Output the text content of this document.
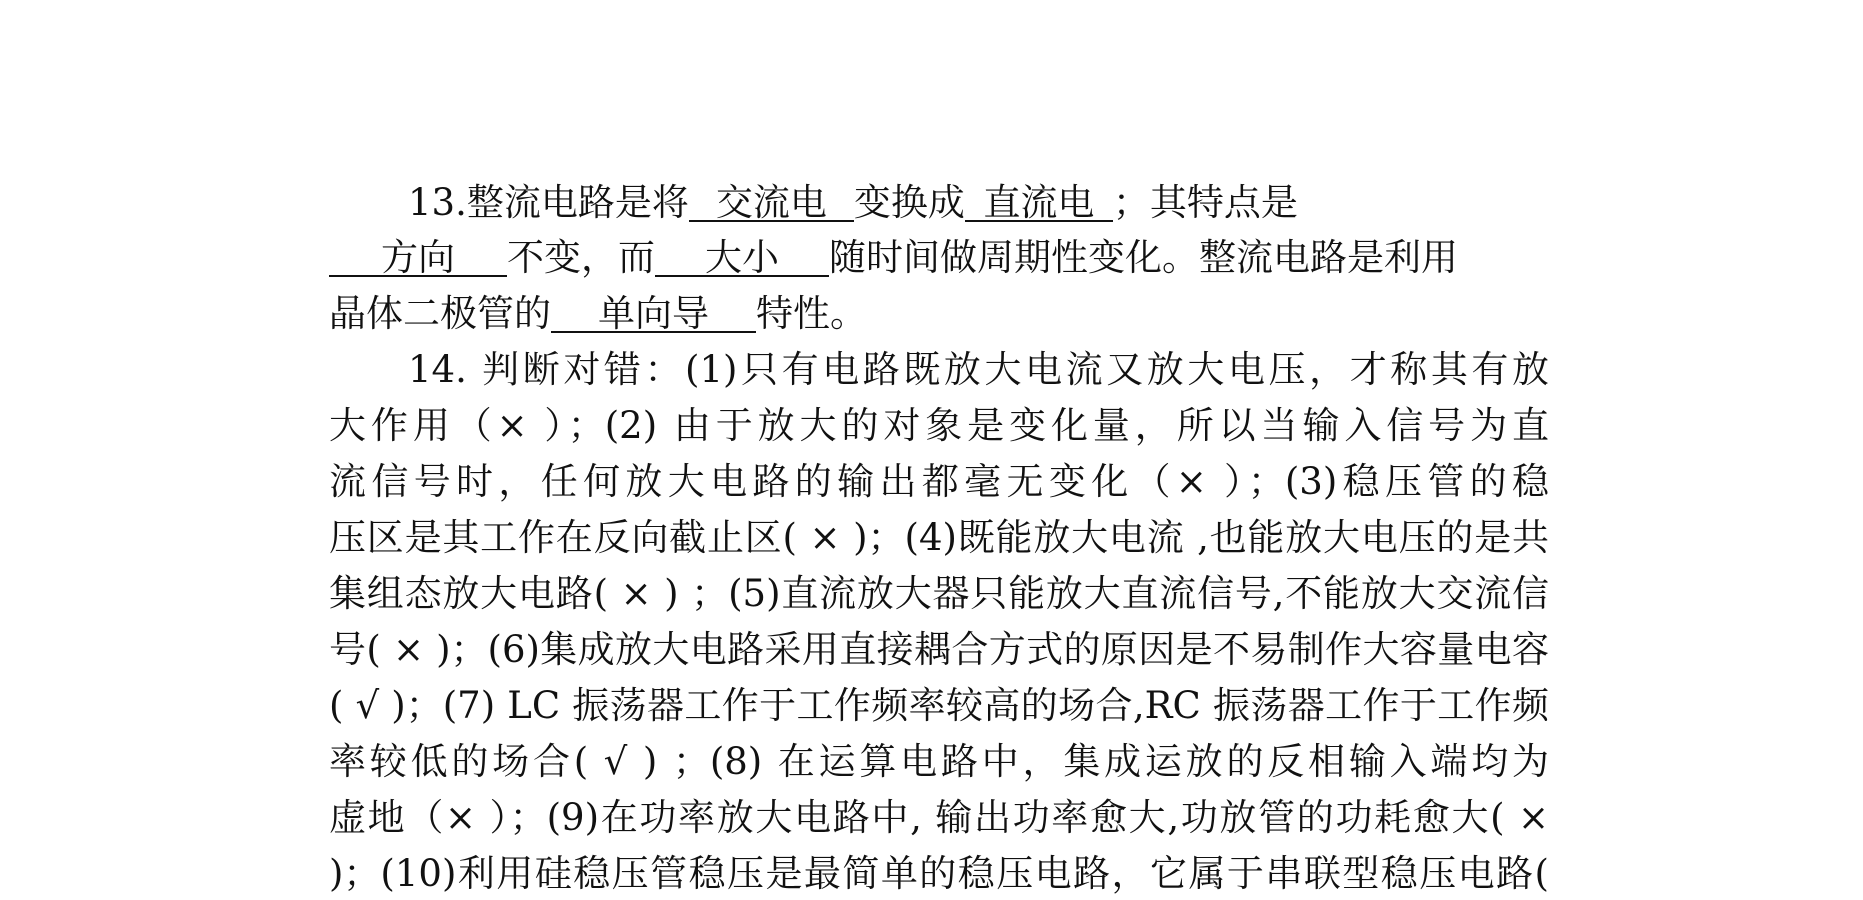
13.整流电路是将 交流电 变换成 直流电 ；其特点是
方向 不变，而 大小 随时间做周期性变化。整流电路是利用
晶体二极管的 单向导 特性。
14. 判断对错：(1)只有电路既放大电流又放大电压，才称其有放
大作用（× ）；(2) 由于放大的对象是变化量，所以当输入信号为直
流信号时，任何放大电路的输出都毫无变化（× ）；(3)稳压管的稳
压区是其工作在反向截止区( × )；(4)既能放大电流 ,也能放大电压的是共
集组态放大电路( × ) ；(5)直流放大器只能放大直流信号,不能放大交流信
号( × )；(6)集成放大电路采用直接耦合方式的原因是不易制作大容量电容
( √ )；(7) LC 振荡器工作于工作频率较高的场合,RC 振荡器工作于工作频
率较低的场合( √ ) ；(8) 在运算电路中，集成运放的反相输入端均为
虚地（× ）；(9)在功率放大电路中, 输出功率愈大,功放管的功耗愈大( ×
)；(10)利用硅稳压管稳压是最简单的稳压电路，它属于串联型稳压电路(
